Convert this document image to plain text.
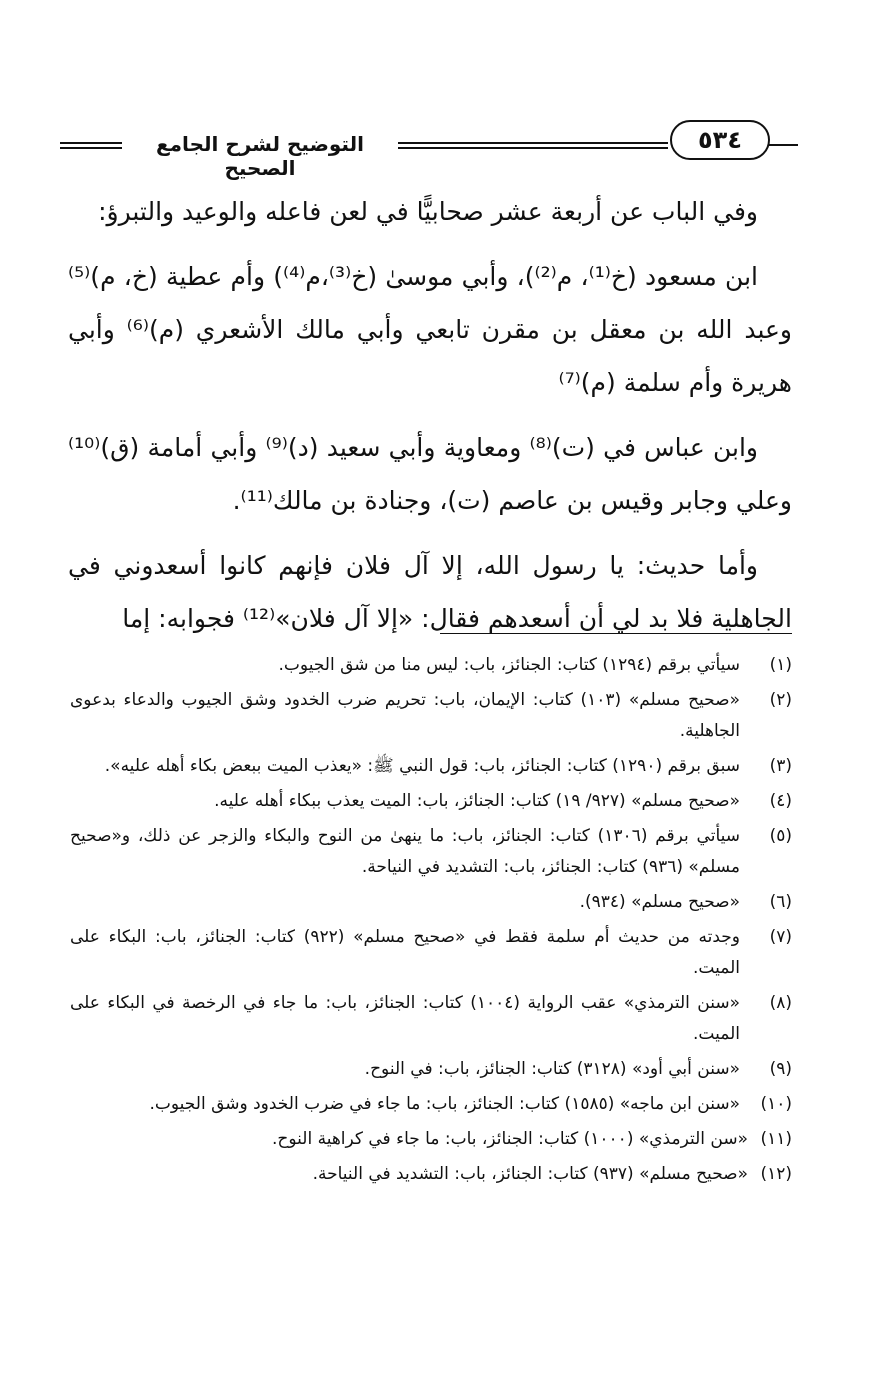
التوضيح لشرح الجامع الصحيح
٥٣٤

وفي الباب عن أربعة عشر صحابيًّا في لعن فاعله والوعيد والتبرؤ:

ابن مسعود (خ⁽¹⁾، م⁽²⁾)، وأبي موسىٰ (خ⁽³⁾،م⁽⁴⁾) وأم عطية (خ، م)⁽⁵⁾ وعبد الله بن معقل بن مقرن تابعي وأبي مالك الأشعري (م)⁽⁶⁾ وأبي هريرة وأم سلمة (م)⁽⁷⁾

وابن عباس في (ت)⁽⁸⁾ ومعاوية وأبي سعيد (د)⁽⁹⁾ وأبي أمامة (ق)⁽¹⁰⁾ وعلي وجابر وقيس بن عاصم (ت)، وجنادة بن مالك⁽¹¹⁾.

وأما حديث: يا رسول الله، إلا آل فلان فإنهم كانوا أسعدوني في الجاهلية فلا بد لي أن أسعدهم فقال: «إلا آل فلان»⁽¹²⁾ فجوابه: إما

(١)
سيأتي برقم (١٢٩٤) كتاب: الجنائز، باب: ليس منا من شق الجيوب.
(٢)
«صحيح مسلم» (١٠٣) كتاب: الإيمان، باب: تحريم ضرب الخدود وشق الجيوب والدعاء بدعوى الجاهلية.
(٣)
سبق برقم (١٢٩٠) كتاب: الجنائز، باب: قول النبي ﷺ: «يعذب الميت ببعض بكاء أهله عليه».
(٤)
«صحيح مسلم» (٩٢٧/ ١٩) كتاب: الجنائز، باب: الميت يعذب ببكاء أهله عليه.
(٥)
سيأتي برقم (١٣٠٦) كتاب: الجنائز، باب: ما ينهىٰ من النوح والبكاء والزجر عن ذلك، و«صحيح مسلم» (٩٣٦) كتاب: الجنائز، باب: التشديد في النياحة.
(٦)
«صحيح مسلم» (٩٣٤).
(٧)
وجدته من حديث أم سلمة فقط في «صحيح مسلم» (٩٢٢) كتاب: الجنائز، باب: البكاء على الميت.
(٨)
«سنن الترمذي» عقب الرواية (١٠٠٤) كتاب: الجنائز، باب: ما جاء في الرخصة في البكاء على الميت.
(٩)
«سنن أبي أود» (٣١٢٨) كتاب: الجنائز، باب: في النوح.
(١٠)
«سنن ابن ماجه» (١٥٨٥) كتاب: الجنائز، باب: ما جاء في ضرب الخدود وشق الجيوب.
(١١)
«سن الترمذي» (١٠٠٠) كتاب: الجنائز، باب: ما جاء في كراهية النوح.
(١٢)
«صحيح مسلم» (٩٣٧) كتاب: الجنائز، باب: التشديد في النياحة.
